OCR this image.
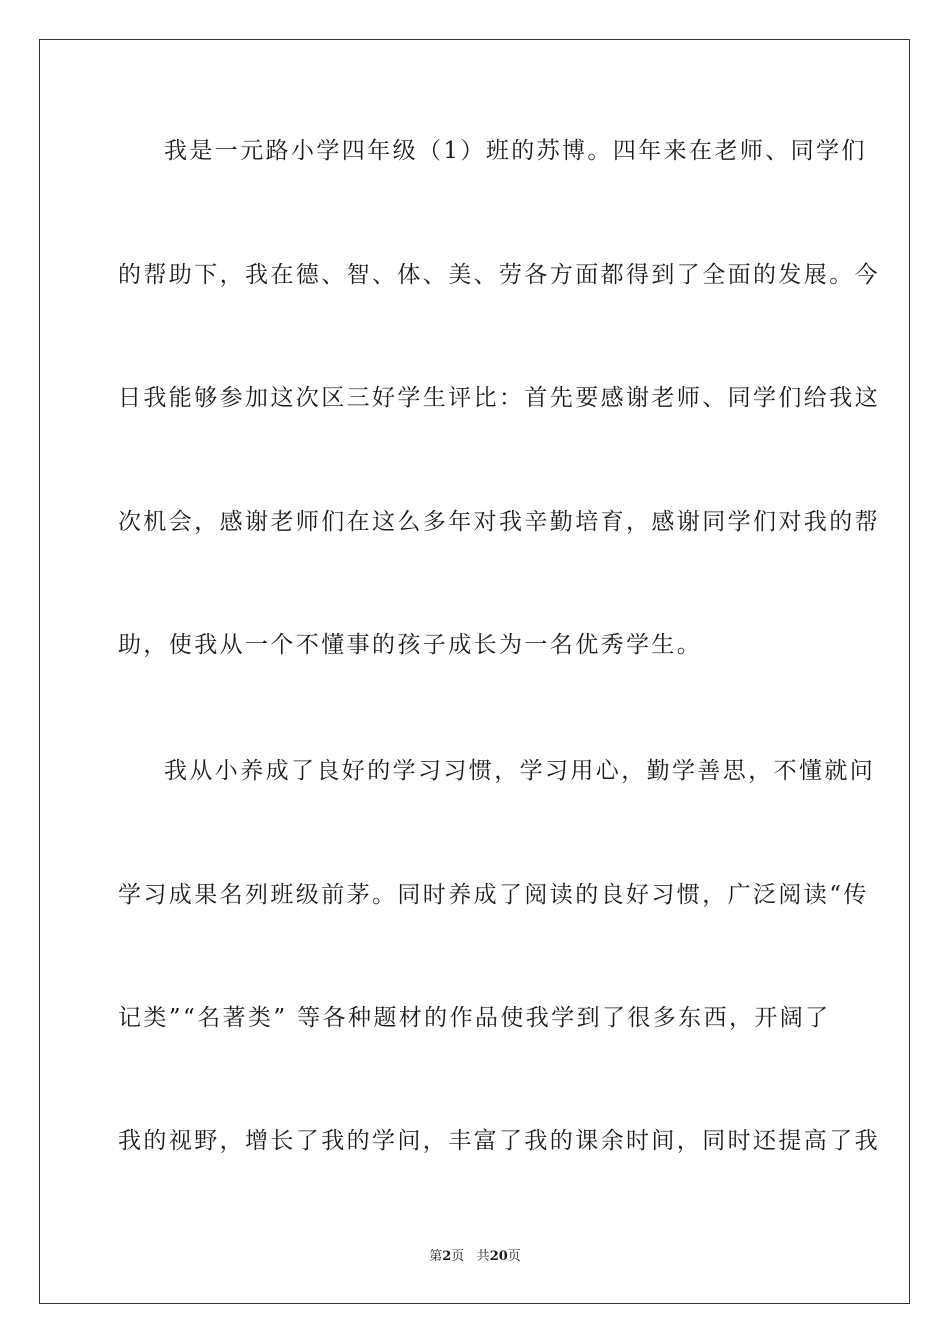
我是一元路小学四年级（1）班的苏博。四年来在老师、同学们
的帮助下，我在德、智、体、美、劳各方面都得到了全面的发展。今
日我能够参加这次区三好学生评比：首先要感谢老师、同学们给我这
次机会，感谢老师们在这么多年对我辛勤培育，感谢同学们对我的帮
助，使我从一个不懂事的孩子成长为一名优秀学生。
我从小养成了良好的学习习惯，学习用心，勤学善思，不懂就问
学习成果名列班级前茅。同时养成了阅读的良好习惯，广泛阅读“传
记类”“名著类” 等各种题材的作品使我学到了很多东西，开阔了
我的视野，增长了我的学问，丰富了我的课余时间，同时还提高了我
第2页 共20页
